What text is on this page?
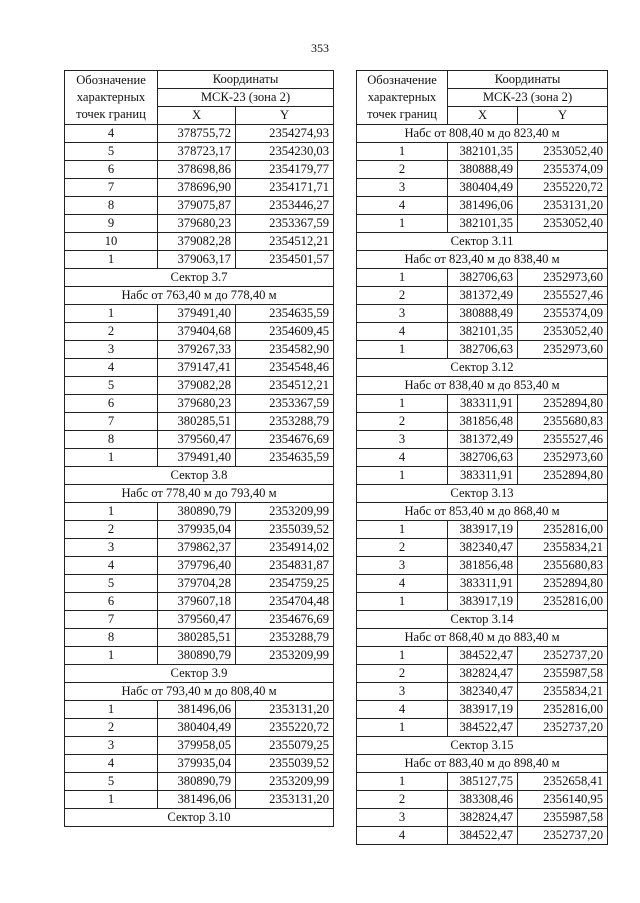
353
Обозначение характерных точек границ	Координаты	
	МСК-23 (зона 2)	
	X	Y
4	378755,72	2354274,93
5	378723,17	2354230,03
6	378698,86	2354179,77
7	378696,90	2354171,71
8	379075,87	2353446,27
9	379680,23	2353367,59
10	379082,28	2354512,21
1	379063,17	2354501,57
Сектор 3.7		
Набс от 763,40 м до 778,40 м		
1	379491,40	2354635,59
2	379404,68	2354609,45
3	379267,33	2354582,90
4	379147,41	2354548,46
5	379082,28	2354512,21
6	379680,23	2353367,59
7	380285,51	2353288,79
8	379560,47	2354676,69
1	379491,40	2354635,59
Сектор 3.8		
Набс от 778,40 м до 793,40 м		
1	380890,79	2353209,99
2	379935,04	2355039,52
3	379862,37	2354914,02
4	379796,40	2354831,87
5	379704,28	2354759,25
6	379607,18	2354704,48
7	379560,47	2354676,69
8	380285,51	2353288,79
1	380890,79	2353209,99
Сектор 3.9		
Набс от 793,40 м до 808,40 м		
1	381496,06	2353131,20
2	380404,49	2355220,72
3	379958,05	2355079,25
4	379935,04	2355039,52
5	380890,79	2353209,99
1	381496,06	2353131,20
Сектор 3.10		
Обозначение характерных точек границ	Координаты	
	МСК-23 (зона 2)	
	X	Y
Набс от 808,40 м до 823,40 м		
1	382101,35	2353052,40
2	380888,49	2355374,09
3	380404,49	2355220,72
4	381496,06	2353131,20
1	382101,35	2353052,40
Сектор 3.11		
Набс от 823,40 м до 838,40 м		
1	382706,63	2352973,60
2	381372,49	2355527,46
3	380888,49	2355374,09
4	382101,35	2353052,40
1	382706,63	2352973,60
Сектор 3.12		
Набс от 838,40 м до 853,40 м		
1	383311,91	2352894,80
2	381856,48	2355680,83
3	381372,49	2355527,46
4	382706,63	2352973,60
1	383311,91	2352894,80
Сектор 3.13		
Набс от 853,40 м до 868,40 м		
1	383917,19	2352816,00
2	382340,47	2355834,21
3	381856,48	2355680,83
4	383311,91	2352894,80
1	383917,19	2352816,00
Сектор 3.14		
Набс от 868,40 м до 883,40 м		
1	384522,47	2352737,20
2	382824,47	2355987,58
3	382340,47	2355834,21
4	383917,19	2352816,00
1	384522,47	2352737,20
Сектор 3.15		
Набс от 883,40 м до 898,40 м		
1	385127,75	2352658,41
2	383308,46	2356140,95
3	382824,47	2355987,58
4	384522,47	2352737,20
